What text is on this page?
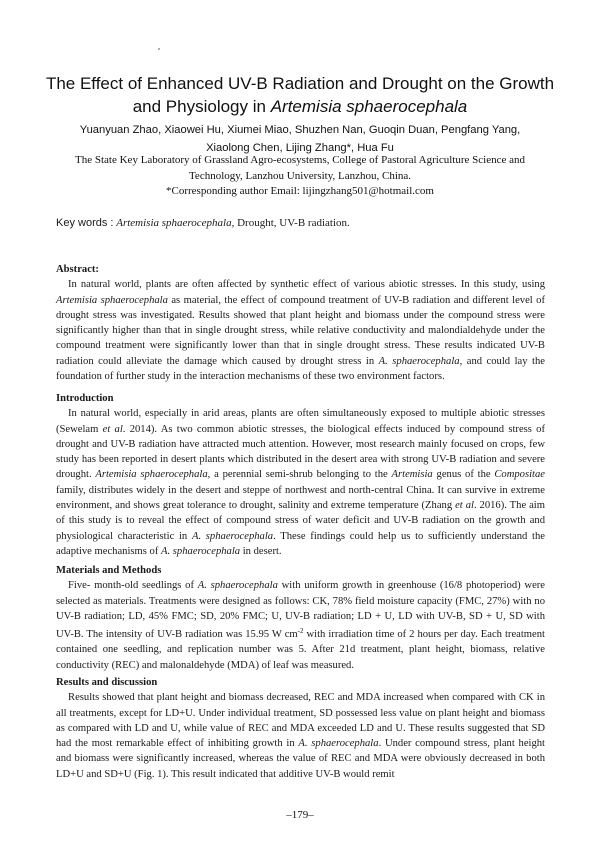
The Effect of Enhanced UV-B Radiation and Drought on the Growth
and Physiology in Artemisia sphaerocephala
Yuanyuan Zhao, Xiaowei Hu, Xiumei Miao, Shuzhen Nan, Guoqin Duan, Pengfang Yang,
Xiaolong Chen, Lijing Zhang*, Hua Fu
The State Key Laboratory of Grassland Agro-ecosystems, College of Pastoral Agriculture Science and
Technology, Lanzhou University, Lanzhou, China.
*Corresponding author Email: lijingzhang501@hotmail.com
Key words : Artemisia sphaerocephala, Drought, UV-B radiation.
Abstract:

In natural world, plants are often affected by synthetic effect of various abiotic stresses. In this study, using Artemisia sphaerocephala as material, the effect of compound treatment of UV-B radiation and different level of drought stress was investigated. Results showed that plant height and biomass under the compound stress were significantly higher than that in single drought stress, while relative conductivity and malondialdehyde under the compound treatment were significantly lower than that in single drought stress. These results indicated UV-B radiation could alleviate the damage which caused by drought stress in A. sphaerocephala, and could lay the foundation of further study in the interaction mechanisms of these two environment factors.

Introduction

In natural world, especially in arid areas, plants are often simultaneously exposed to multiple abiotic stresses (Sewelam et al. 2014). As two common abiotic stresses, the biological effects induced by compound stress of drought and UV-B radiation have attracted much attention. However, most research mainly focused on crops, few study has been reported in desert plants which distributed in the desert area with strong UV-B radiation and severe drought. Artemisia sphaerocephala, a perennial semi-shrub belonging to the Artemisia genus of the Compositae family, distributes widely in the desert and steppe of northwest and north-central China. It can survive in extreme environment, and shows great tolerance to drought, salinity and extreme temperature (Zhang et al. 2016). The aim of this study is to reveal the effect of compound stress of water deficit and UV-B radiation on the growth and physiological characteristic in A. sphaerocephala. These findings could help us to sufficiently understand the adaptive mechanisms of A. sphaerocephala in desert.

Materials and Methods

Five- month-old seedlings of A. sphaerocephala with uniform growth in greenhouse (16/8 photoperiod) were selected as materials. Treatments were designed as follows: CK, 78% field moisture capacity (FMC, 27%) with no UV-B radiation; LD, 45% FMC; SD, 20% FMC; U, UV-B radiation; LD + U, LD with UV-B, SD + U, SD with UV-B. The intensity of UV-B radiation was 15.95 W $cm^{-2}$ with irradiation time of 2 hours per day. Each treatment contained one seedling, and replication number was 5. After 21d treatment, plant height, biomass, relative conductivity (REC) and malonaldehyde (MDA) of leaf was measured.

Results and discussion

Results showed that plant height and biomass decreased, REC and MDA increased when compared with CK in all treatments, except for LD+U. Under individual treatment, SD possessed less value on plant height and biomass as compared with LD and U, while value of REC and MDA exceeded LD and U. These results suggested that SD had the most remarkable effect of inhibiting growth in A. sphaerocephala. Under compound stress, plant height and biomass were significantly increased, whereas the value of REC and MDA were obviously decreased in both LD+U and SD+U (Fig. 1). This result indicated that additive UV-B would remit

–179–
